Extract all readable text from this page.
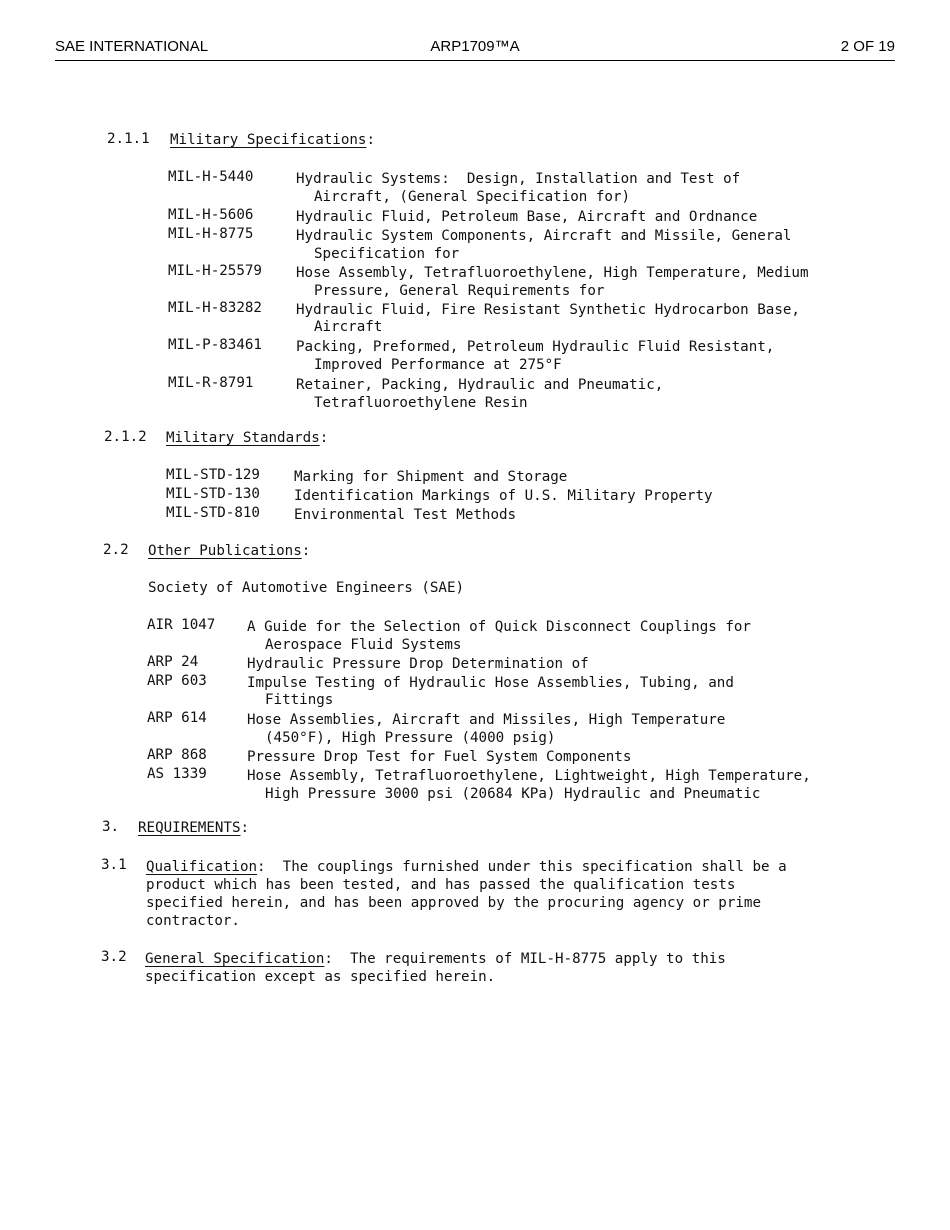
SAE INTERNATIONAL	ARP1709™A	2 OF 19
2.1.1 Military Specifications:
MIL-H-5440	Hydraulic Systems:  Design, Installation and Test of
Aircraft, (General Specification for)
MIL-H-5606	Hydraulic Fluid, Petroleum Base, Aircraft and Ordnance
MIL-H-8775	Hydraulic System Components, Aircraft and Missile, General
Specification for
MIL-H-25579 Hose Assembly, Tetrafluoroethylene, High Temperature, Medium
Pressure, General Requirements for
MIL-H-83282 Hydraulic Fluid, Fire Resistant Synthetic Hydrocarbon Base,
Aircraft
MIL-P-83461 Packing, Preformed, Petroleum Hydraulic Fluid Resistant,
Improved Performance at 275°F
MIL-R-8791	Retainer, Packing, Hydraulic and Pneumatic,
Tetrafluoroethylene Resin
2.1.2 Military Standards:
MIL-STD-129 Marking for Shipment and Storage
MIL-STD-130 Identification Markings of U.S. Military Property
MIL-STD-810 Environmental Test Methods
2.2 Other Publications:
Society of Automotive Engineers (SAE)
AIR 1047 A Guide for the Selection of Quick Disconnect Couplings for
Aerospace Fluid Systems
ARP 24	Hydraulic Pressure Drop Determination of
ARP 603	Impulse Testing of Hydraulic Hose Assemblies, Tubing, and
Fittings
ARP 614	Hose Assemblies, Aircraft and Missiles, High Temperature
(450°F), High Pressure (4000 psig)
ARP 868	Pressure Drop Test for Fuel System Components
AS 1339	Hose Assembly, Tetrafluoroethylene, Lightweight, High Temperature,
High Pressure 3000 psi (20684 KPa) Hydraulic and Pneumatic
3. REQUIREMENTS:
3.1 Qualification:  The couplings furnished under this specification shall be a
product which has been tested, and has passed the qualification tests
specified herein, and has been approved by the procuring agency or prime
contractor.
3.2 General Specification:  The requirements of MIL-H-8775 apply to this
specification except as specified herein.
